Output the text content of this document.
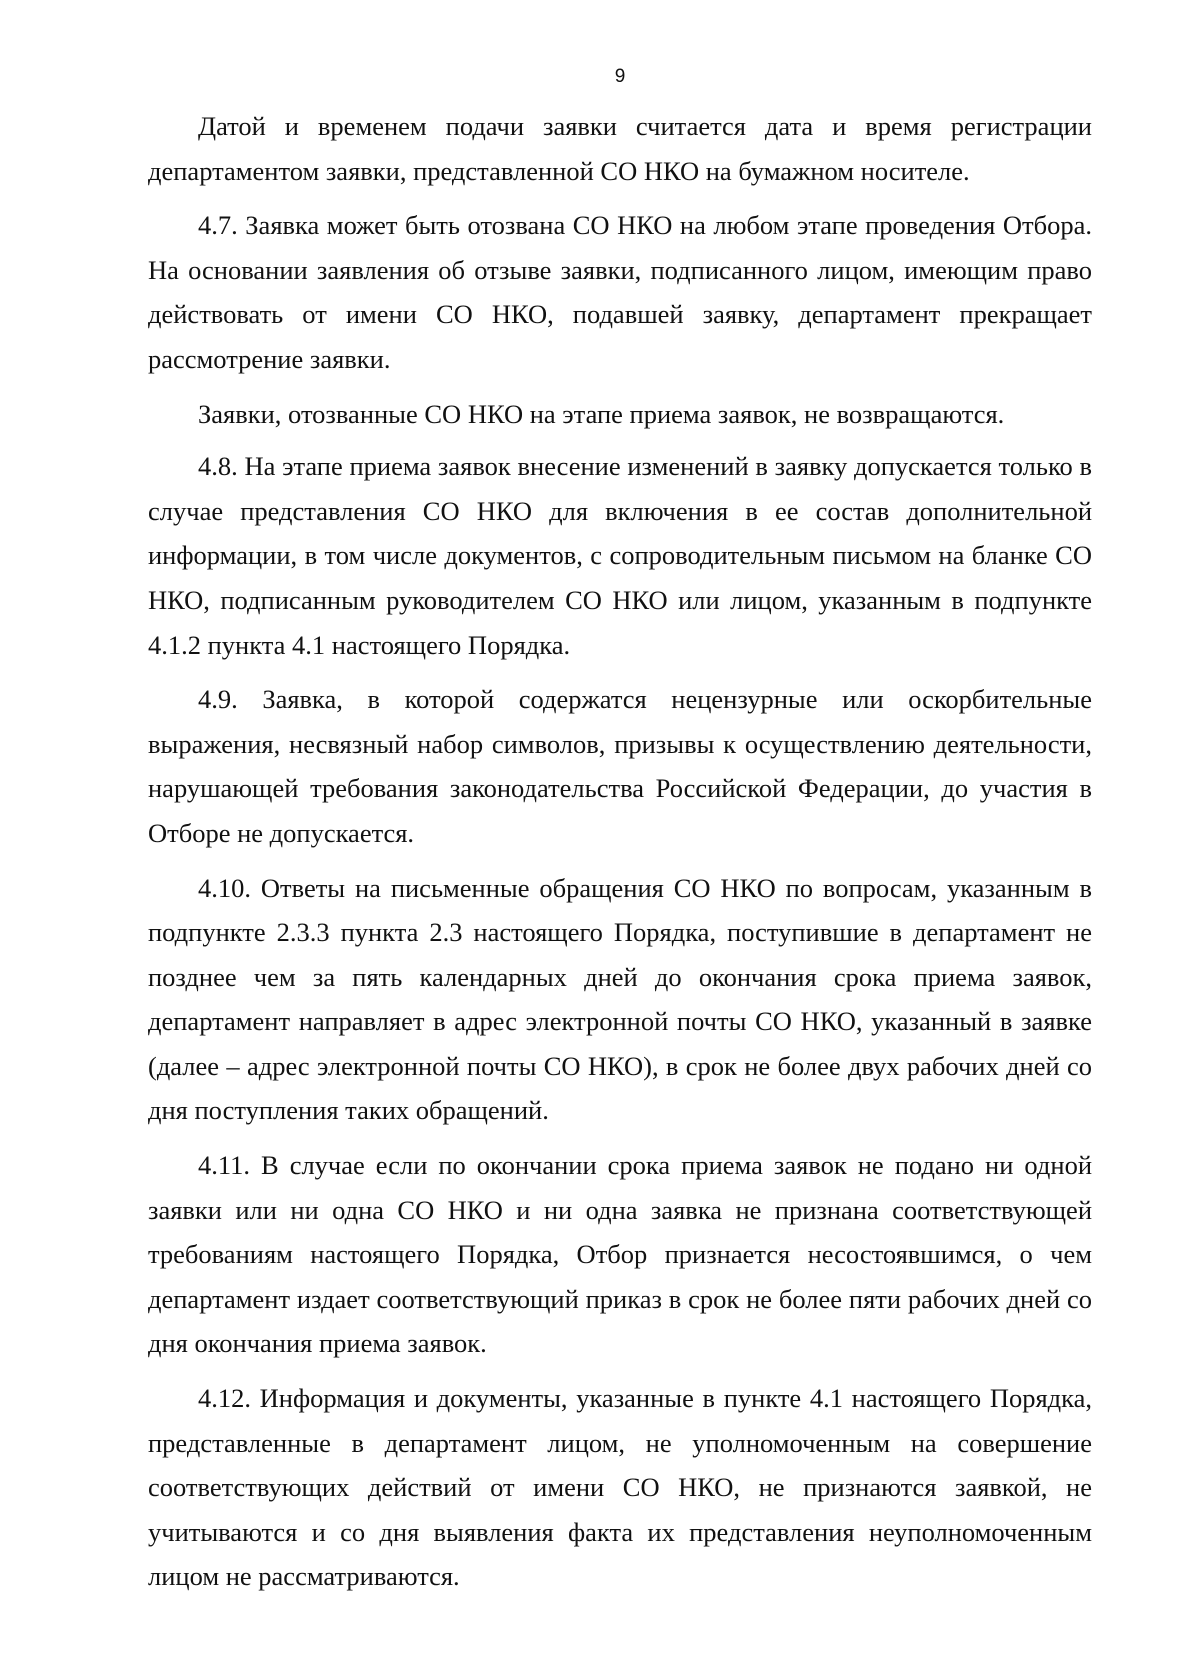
9

Датой и временем подачи заявки считается дата и время регистрации департаментом заявки, представленной СО НКО на бумажном носителе.

4.7. Заявка может быть отозвана СО НКО на любом этапе проведения Отбора. На основании заявления об отзыве заявки, подписанного лицом, имеющим право действовать от имени СО НКО, подавшей заявку, департамент прекращает рассмотрение заявки.

Заявки, отозванные СО НКО на этапе приема заявок, не возвращаются.

4.8. На этапе приема заявок внесение изменений в заявку допускается только в случае представления СО НКО для включения в ее состав дополнительной информации, в том числе документов, с сопроводительным письмом на бланке СО НКО, подписанным руководителем СО НКО или лицом, указанным в подпункте 4.1.2 пункта 4.1 настоящего Порядка.

4.9. Заявка, в которой содержатся нецензурные или оскорбительные выражения, несвязный набор символов, призывы к осуществлению деятельности, нарушающей требования законодательства Российской Федерации, до участия в Отборе не допускается.

4.10. Ответы на письменные обращения СО НКО по вопросам, указанным в подпункте 2.3.3 пункта 2.3 настоящего Порядка, поступившие в департамент не позднее чем за пять календарных дней до окончания срока приема заявок, департамент направляет в адрес электронной почты СО НКО, указанный в заявке (далее – адрес электронной почты СО НКО), в срок не более двух рабочих дней со дня поступления таких обращений.

4.11. В случае если по окончании срока приема заявок не подано ни одной заявки или ни одна СО НКО и ни одна заявка не признана соответствующей требованиям настоящего Порядка, Отбор признается несостоявшимся, о чем департамент издает соответствующий приказ в срок не более пяти рабочих дней со дня окончания приема заявок.

4.12. Информация и документы, указанные в пункте 4.1 настоящего Порядка, представленные в департамент лицом, не уполномоченным на совершение соответствующих действий от имени СО НКО, не признаются заявкой, не учитываются и со дня выявления факта их представления неуполномоченным лицом не рассматриваются.
